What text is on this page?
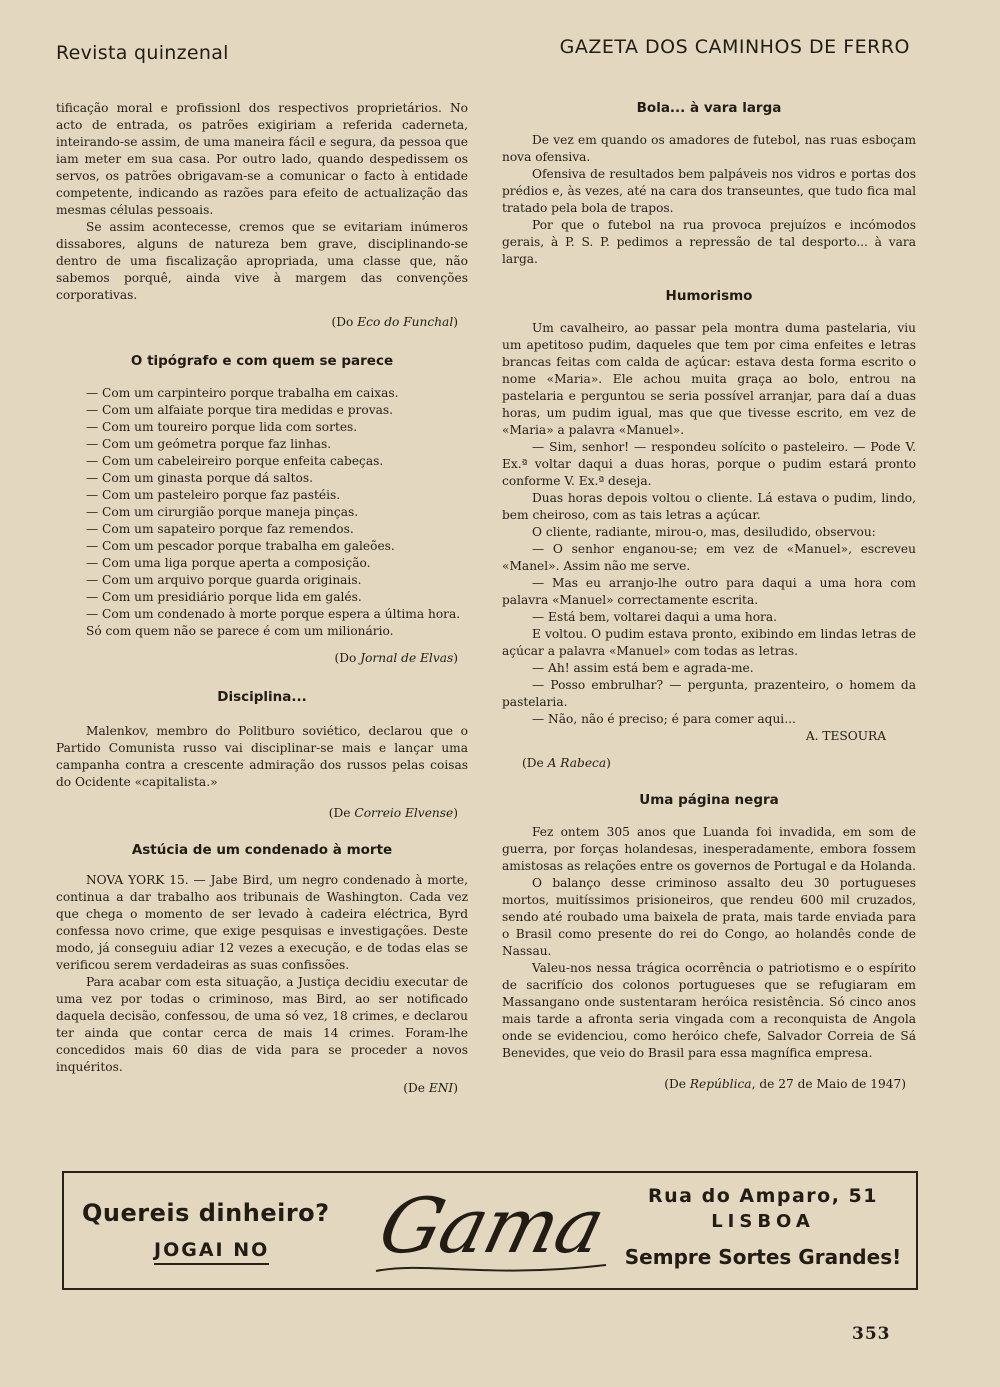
Revista quinzenal	GAZETA DOS CAMINHOS DE FERRO

tificação moral e profissionl dos respectivos proprietários. No acto de entrada, os patrões exigiriam a referida caderneta, inteirando-se assim, de uma maneira fácil e segura, da pessoa que iam meter em sua casa. Por outro lado, quando despedissem os servos, os patrões obrigavam-se a comunicar o facto à entidade competente, indicando as razões para efeito de actualização das mesmas células pessoais.

Se assim acontecesse, cremos que se evitariam inúmeros dissabores, alguns de natureza bem grave, disciplinando-se dentro de uma fiscalização apropriada, uma classe que, não sabemos porquê, ainda vive à margem das convenções corporativas.

(Do Eco do Funchal)

O tipógrafo e com quem se parece

— Com um carpinteiro porque trabalha em caixas.
— Com um alfaiate porque tira medidas e provas.
— Com um toureiro porque lida com sortes.
— Com um geómetra porque faz linhas.
— Com um cabeleireiro porque enfeita cabeças.
— Com um ginasta porque dá saltos.
— Com um pasteleiro porque faz pastéis.
— Com um cirurgião porque maneja pinças.
— Com um sapateiro porque faz remendos.
— Com um pescador porque trabalha em galeões.
— Com uma liga porque aperta a composição.
— Com um arquivo porque guarda originais.
— Com um presidiário porque lida em galés.
— Com um condenado à morte porque espera a última hora.

Só com quem não se parece é com um milionário.

(Do Jornal de Elvas)

Disciplina...

Malenkov, membro do Politburo soviético, declarou que o Partido Comunista russo vai disciplinar-se mais e lançar uma campanha contra a crescente admiração dos russos pelas coisas do Ocidente «capitalista.»

(De Correio Elvense)

Astúcia de um condenado à morte

NOVA YORK 15. — Jabe Bird, um negro condenado à morte, continua a dar trabalho aos tribunais de Washington. Cada vez que chega o momento de ser levado à cadeira eléctrica, Byrd confessa novo crime, que exige pesquisas e investigações. Deste modo, já conseguiu adiar 12 vezes a execução, e de todas elas se verificou serem verdadeiras as suas confissões.

Para acabar com esta situação, a Justiça decidiu executar de uma vez por todas o criminoso, mas Bird, ao ser notificado daquela decisão, confessou, de uma só vez, 18 crimes, e declarou ter ainda que contar cerca de mais 14 crimes. Foram-lhe concedidos mais 60 dias de vida para se proceder a novos inquéritos.

(De ENI)

Bola... à vara larga

De vez em quando os amadores de futebol, nas ruas esboçam nova ofensiva.

Ofensiva de resultados bem palpáveis nos vidros e portas dos prédios e, às vezes, até na cara dos transeuntes, que tudo fica mal tratado pela bola de trapos.

Por que o futebol na rua provoca prejuízos e incómodos gerais, à P. S. P. pedimos a repressão de tal desporto... à vara larga.

Humorismo

Um cavalheiro, ao passar pela montra duma pastelaria, viu um apetitoso pudim, daqueles que tem por cima enfeites e letras brancas feitas com calda de açúcar: estava desta forma escrito o nome «Maria». Ele achou muita graça ao bolo, entrou na pastelaria e perguntou se seria possível arranjar, para daí a duas horas, um pudim igual, mas que que tivesse escrito, em vez de «Maria» a palavra «Manuel».

— Sim, senhor! — respondeu solícito o pasteleiro. — Pode V. Ex.ª voltar daqui a duas horas, porque o pudim estará pronto conforme V. Ex.ª deseja.

Duas horas depois voltou o cliente. Lá estava o pudim, lindo, bem cheiroso, com as tais letras a açúcar.

O cliente, radiante, mirou-o, mas, desiludido, observou:

— O senhor enganou-se; em vez de «Manuel», escreveu «Manel». Assim não me serve.

— Mas eu arranjo-lhe outro para daqui a uma hora com palavra «Manuel» correctamente escrita.

— Está bem, voltarei daqui a uma hora.

E voltou. O pudim estava pronto, exibindo em lindas letras de açúcar a palavra «Manuel» com todas as letras.

— Ah! assim está bem e agrada-me.

— Posso embrulhar? — pergunta, prazenteiro, o homem da pastelaria.

— Não, não é preciso; é para comer aqui...

A. TESOURA

(De A Rabeca)

Uma página negra

Fez ontem 305 anos que Luanda foi invadida, em som de guerra, por forças holandesas, inesperadamente, embora fossem amistosas as relações entre os governos de Portugal e da Holanda.

O balanço desse criminoso assalto deu 30 portugueses mortos, muitíssimos prisioneiros, que rendeu 600 mil cruzados, sendo até roubado uma baixela de prata, mais tarde enviada para o Brasil como presente do rei do Congo, ao holandês conde de Nassau.

Valeu-nos nessa trágica ocorrência o patriotismo e o espírito de sacrifício dos colonos portugueses que se refugiaram em Massangano onde sustentaram heróica resistência. Só cinco anos mais tarde a afronta seria vingada com a reconquista de Angola onde se evidenciou, como heróico chefe, Salvador Correia de Sá Benevides, que veio do Brasil para essa magnífica empresa.

(De República, de 27 de Maio de 1947)

Quereis dinheiro?
JOGAI NO Gama	Rua do Amparo, 51
LISBOA
Sempre Sortes Grandes!
353
